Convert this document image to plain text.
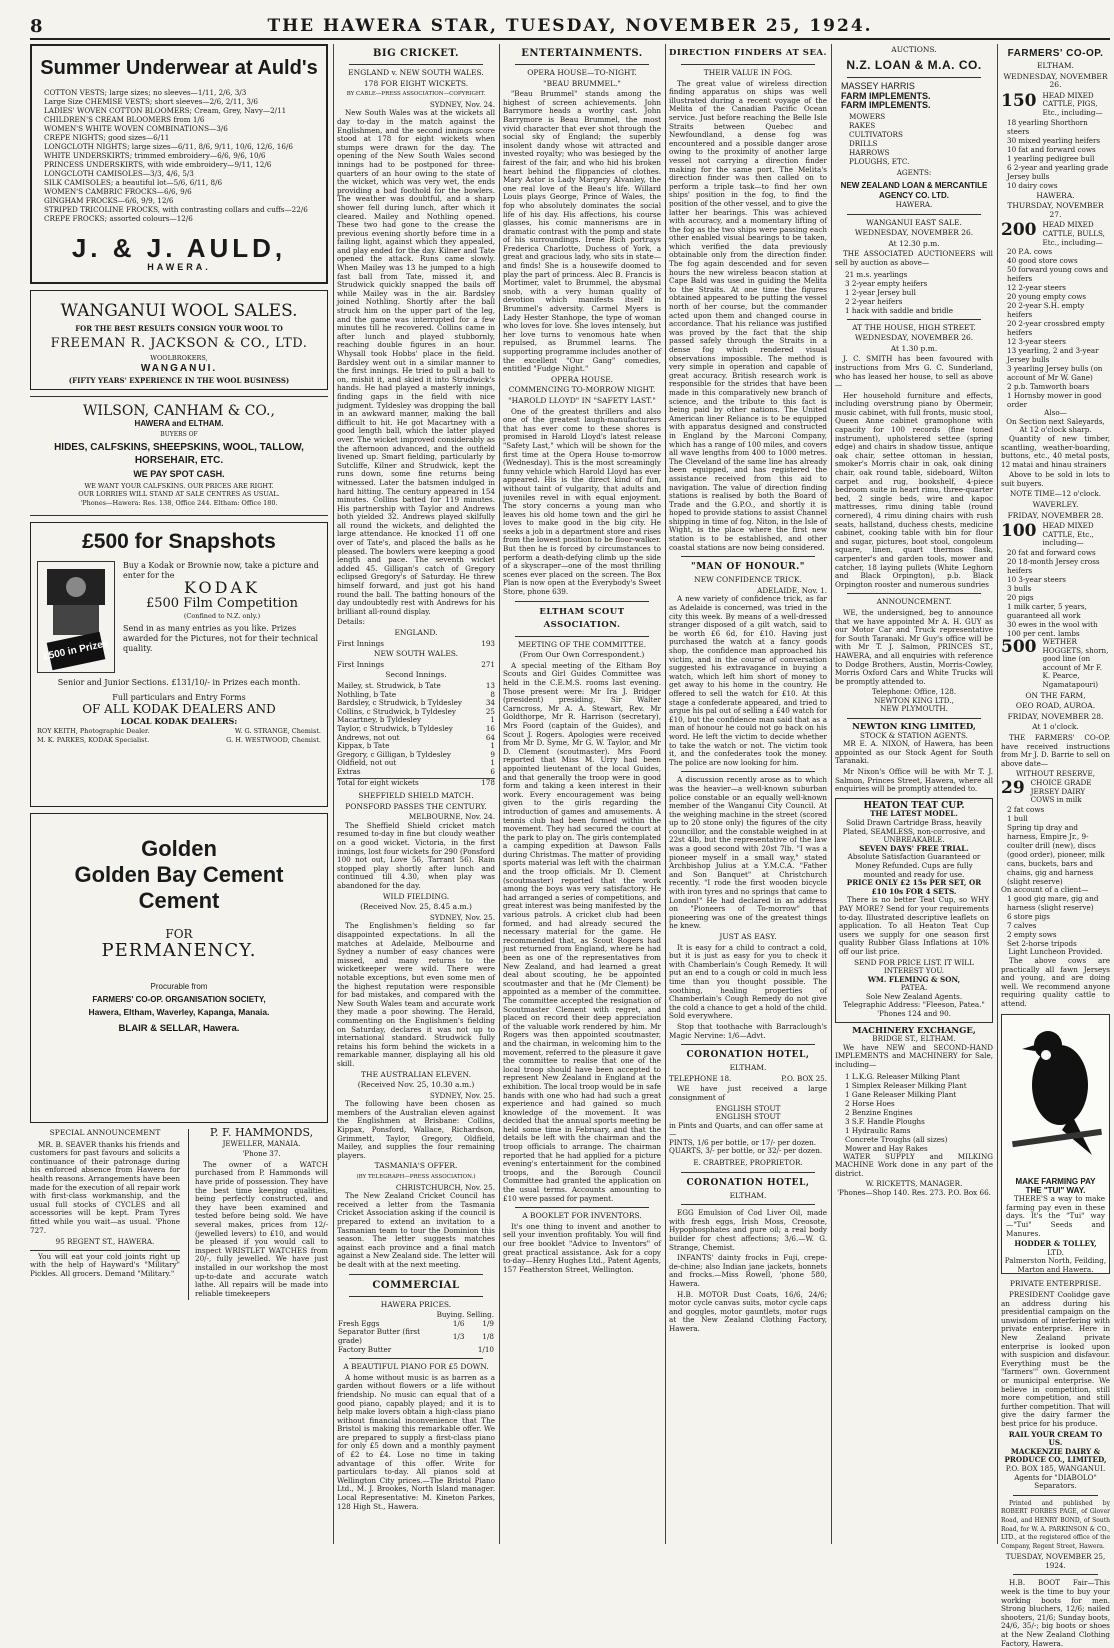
8	THE HAWERA STAR, TUESDAY, NOVEMBER 25, 1924.
Summer Underwear at Auld's
COTTON VESTS; large sizes; no sleeves—1/11, 2/6, 3/3
Large Size CHEMISE VESTS; short sleeves—2/6, 2/11, 3/6
LADIES' WOVEN COTTON BLOOMERS; Cream, Grey, Navy—2/11
CHILDREN'S CREAM BLOOMERS from 1/6
WOMEN'S WHITE WOVEN COMBINATIONS—3/6
CREPE NIGHTS; good sizes—6/11
LONGCLOTH NIGHTS; large sizes—6/11, 8/6, 9/11, 10/6, 12/6, 16/6
WHITE UNDERSKIRTS; trimmed embroidery—6/6, 9/6, 10/6
PRINCESS UNDERSKIRTS, with wide embroidery—9/11, 12/6
LONGCLOTH CAMISOLES—3/3, 4/6, 5/3
SILK CAMISOLES; a beautiful lot—5/6, 6/11, 8/6
WOMEN'S CAMBRIC FROCKS—6/6, 9/6
GINGHAM FROCKS—6/6, 9/9, 12/6
STRIPED TRICOLINE FROCKS, with contrasting collars and cuffs—22/6
CREPE FROCKS; assorted colours—12/6
J. & J. AULD,
HAWERA.
WANGANUI WOOL SALES.
FOR THE BEST RESULTS CONSIGN YOUR WOOL TO
FREEMAN R. JACKSON & CO., LTD.
WOOLBROKERS,
WANGANUI.
(FIFTY YEARS' EXPERIENCE IN THE WOOL BUSINESS)
WILSON, CANHAM & CO.,
HAWERA and ELTHAM.
BUYERS OF
HIDES, CALFSKINS, SHEEPSKINS, WOOL, TALLOW, HORSEHAIR, ETC.
WE PAY SPOT CASH.
WE WANT YOUR CALFSKINS. OUR PRICES ARE RIGHT.
OUR LORRIES WILL STAND AT SALE CENTRES AS USUAL.
'Phones—Hawera: Res. 138, Office 244. Eltham: Office 180.
£500 for Snapshots
£500 in Prizes
Buy a Kodak or Brownie now, take a picture and enter for the
KODAK
£500 Film Competition
(Confined to N.Z. only.)
Send in as many entries as you like. Prizes awarded for the Pictures, not for their technical quality.
Senior and Junior Sections. £131/10/- in Prizes each month.
Full particulars and Entry Forms
OF ALL KODAK DEALERS AND
LOCAL KODAK DEALERS:
ROY KEITH, Photographic Dealer.	W. G. STRANGE, Chemist.
M. K. PARKES, KODAK Specialist.	G. H. WESTWOOD, Chemist.
Golden
Golden Bay Cement
Cement
FOR
PERMANENCY.
Procurable from
FARMERS' CO-OP. ORGANISATION SOCIETY,
Hawera, Eltham, Waverley, Kapanga, Manaia.
BLAIR & SELLAR, Hawera.
SPECIAL ANNOUNCEMENT
MR. B. SEAVER thanks his friends and customers for past favours and solicits a continuance of their patronage during his enforced absence from Hawera for health reasons. Arrangements have been made for the execution of all repair work with first-class workmanship, and the usual full stocks of CYCLES and all accessories will be kept. Pram Tyres fitted while you wait—as usual. 'Phone 727.
95 REGENT ST., HAWERA.
You will eat your cold joints right up with the help of Hayward's "Military" Pickles. All grocers. Demand "Military."
P. F. HAMMONDS,
JEWELLER, MANAIA.
'Phone 37.
The owner of a WATCH purchased from P. Hammonds will have pride of possession. They have the best time keeping qualities, being perfectly constructed, and they have been examined and tested before being sold. We have several makes, prices from 12/- (jewelled levers) to £10, and would be pleased if you would call to inspect WRISTLET WATCHES from 20/-, fully jewelled. We have just installed in our workshop the most up-to-date and accurate watch lathe. All repairs will be made into reliable timekeepers
BIG CRICKET.
ENGLAND v. NEW SOUTH WALES.
178 FOR EIGHT WICKETS.
BY CABLE—PRESS ASSOCIATION—COPYRIGHT.
SYDNEY, Nov. 24.
New South Wales was at the wickets all day to-day in the match against the Englishmen, and the second innings score stood at 178 for eight wickets when stumps were drawn for the day. The opening of the New South Wales second innings had to be postponed for three-quarters of an hour owing to the state of the wicket, which was very wet, the ends providing a bad foothold for the bowlers. The weather was doubtful, and a sharp shower fell during lunch, after which it cleared. Mailey and Nothling opened. These two had gone to the crease the previous evening shortly before time in a failing light, against which they appealed, and play ended for the day. Kilner and Tate opened the attack. Runs came slowly. When Mailey was 13 he jumped to a high fast ball from Tate, missed it, and Strudwick quickly snapped the bails off while Mailey was in the air. Bardsley joined Nothling. Shortly after the ball struck him on the upper part of the leg, and the game was interrupted for a few minutes till he recovered. Collins came in after lunch and played stubbornly, reaching double figures in an hour. Whysall took Hobbs' place in the field. Bardsley went out in a similar manner to the first innings. He tried to pull a ball to on, mishit it, and skied it into Strudwick's hands. He had played a masterly innings, finding gaps in the field with nice judgment. Tyldesley was dropping the ball in an awkward manner, making the ball difficult to hit. He got Macartney with a good length ball, which the latter played over. The wicket improved considerably as the afternoon advanced, and the outfield livened up. Smart fielding, particularly by Sutcliffe, Kilner and Strudwick, kept the runs down, some fine returns being witnessed. Later the batsmen indulged in hard hitting. The century appeared in 154 minutes. Collins batted for 119 minutes. His partnership with Taylor and Andrews both yielded 32. Andrews played skilfully all round the wickets, and delighted the large attendance. He knocked 11 off one over of Tate's, and placed the balls as he pleased. The bowlers were keeping a good length and pace. The seventh wicket added 45. Gilligan's catch of Gregory eclipsed Gregory's of Saturday. He threw himself forward, and just got his hand round the ball. The batting honours of the day undoubtedly rest with Andrews for his brilliant all-round display.
Details:
ENGLAND.
First Innings	193
NEW SOUTH WALES.
First Innings	271
Second Innings.
Mailey, st. Strudwick, b Tate	13
Nothling, b Tate	8
Bardsley, c Strudwick, b Tyldesley	34
Collins, c Strudwick, b Tyldesley	25
Macartney, b Tyldesley	1
Taylor, c Strudwick, b Tyldesley	16
Andrews, not out	64
Kippax, b Tate	1
Gregory, c Gilligan, b Tyldesley	9
Oldfield, not out	1
Extras	6
Total for eight wickets	178
SHEFFIELD SHIELD MATCH.
PONSFORD PASSES THE CENTURY.
MELBOURNE, Nov. 24.
The Sheffield Shield cricket match resumed to-day in fine but cloudy weather on a good wicket. Victoria, in the first innings, lost four wickets for 290 (Ponsford 100 not out, Love 56, Tarrant 56). Rain stopped play shortly after lunch and continued till 4.30, when play was abandoned for the day.
WILD FIELDING.
(Received Nov. 25, 8.45 a.m.)
SYDNEY, Nov. 25.
The Englishmen's fielding so far disappointed expectations. In all the matches at Adelaide, Melbourne and Sydney a number of easy chances were missed, and many returns to the wicketkeeper were wild. There were notable exceptions, but even some men of the highest reputation were responsible for bad mistakes, and compared with the New South Wales team and accurate work they made a poor showing. The Herald, commenting on the Englishmen's fielding on Saturday, declares it was not up to international standard. Strudwick fully retains his form behind the wickets in a remarkable manner, displaying all his old skill.
THE AUSTRALIAN ELEVEN.
(Received Nov. 25, 10.30 a.m.)
SYDNEY, Nov. 25.
The following have been chosen as members of the Australian eleven against the Englishmen at Brisbane: Collins, Kippax, Ponsford, Wallace, Richardson, Grimmett, Taylor, Gregory, Oldfield, Mailey, and supplies the four remaining players.
TASMANIA'S OFFER.
(BY TELEGRAPH—PRESS ASSOCIATION.)
CHRISTCHURCH, Nov. 25.
The New Zealand Cricket Council has received a letter from the Tasmania Cricket Association asking if the council is prepared to extend an invitation to a Tasmanian team to tour the Dominion this season. The letter suggests matches against each province and a final match against a New Zealand side. The letter will be dealt with at the next meeting.
COMMERCIAL
HAWERA PRICES.
	Buying.	Selling.
Fresh Eggs	1/6	1/9
Separator Butter (first grade)	1/3	1/8
Factory Butter		1/10
A BEAUTIFUL PIANO FOR £5 DOWN.
A home without music is as barren as a garden without flowers or a life without friendship. No music can equal that of a good piano, capably played; and it is to help make lovers obtain a high-class piano without financial inconvenience that The Bristol is making this remarkable offer. We are prepared to supply a first-class piano for only £5 down and a monthly payment of £2 to £4. Lose no time in taking advantage of this offer. Write for particulars to-day. All pianos sold at Wellington City prices.—The Bristol Piano Ltd., M. J. Brookes, North Island manager. Local Representative: M. Kineton Parkes, 128 High St., Hawera.
ENTERTAINMENTS.
OPERA HOUSE—TO-NIGHT.
"BEAU BRUMMEL."
"Beau Brummel" stands among the highest of screen achievements. John Barrymore heads a worthy cast. John Barrymore is Beau Brummel, the most vivid character that ever shot through the social sky of England; the superbly insolent dandy whose wit attracted and invested royalty; who was besieged by the fairest of the fair, and who hid his broken heart behind the flippancies of clothes. Mary Astor is Lady Margery Alvanley, the one real love of the Beau's life. Willard Louis plays George, Prince of Wales, the fop who absolutely dominates the social life of his day. His affections, his course glasses, his comic mannerisms are in dramatic contrast with the pomp and state of his surroundings. Irene Rich portrays Frederica Charlotte, Duchess of York, a great and gracious lady, who sits in state—and finds! She is a housewife doomed to play the part of princess. Alec B. Francis is Mortimer, valet to Brummel, the abysmal snob, with a very human quality of devotion which manifests itself in Brummel's adversity. Carmel Myers is Lady Hester Stanhope, the type of woman who loves for love. She loves intensely, but her love turns to venomous hate when repulsed, as Brummel learns. The supporting programme includes another of the excellent "Our Gang" comedies, entitled "Fudge Night."
OPERA HOUSE.
COMMENCING TO-MORROW NIGHT.
"HAROLD LLOYD" IN "SAFETY LAST."
One of the greatest thrillers and also one of the greatest laugh-manufacturers that has ever come to these shores is promised in Harold Lloyd's latest release "Safety Last," which will be shown for the first time at the Opera House to-morrow (Wednesday). This is the most screamingly funny vehicle which Harold Lloyd has ever appeared. His is the direct kind of fun, without taint of vulgarity, that adults and juveniles revel in with equal enjoyment. The story concerns a young man who leaves his old home town and the girl he loves to make good in the big city. He seeks a job in a department store and rises from the lowest position to be floor-walker. But then he is forced by circumstances to perform a death-defying climb up the side of a skyscraper—one of the most thrilling scenes ever placed on the screen. The Box Plan is now open at the Everybody's Sweet Store, phone 639.
ELTHAM SCOUT ASSOCIATION.
MEETING OF THE COMMITTEE.
(From Our Own Correspondent.)
A special meeting of the Eltham Boy Scouts and Girl Guides Committee was held in the C.E.M.S. rooms last evening. Those present were: Mr Ira J. Bridger (president) presiding, Sir Walter Carncross, Mr A. A. Stewart, Rev. Mr Goldthorpe, Mr R. Harrison (secretary), Mrs Foord (captain of the Guides), and Scout J. Rogers. Apologies were received from Mr D. Syme, Mr G. W. Taylor, and Mr D. Clement (scoutmaster). Mrs Foord reported that Miss M. Urry had been appointed lieutenant of the local Guides, and that generally the troop were in good form and taking a keen interest in their work. Every encouragement was being given to the girls regarding the introduction of games and amusements. A tennis club had been formed within the movement. They had secured the court at the park to play on. The girls contemplated a camping expedition at Dawson Falls during Christmas. The matter of providing sports material was left with the chairman and the troop officials. Mr D. Clement (scoutmaster) reported that the work among the boys was very satisfactory. He had arranged a series of competitions, and great interest was being manifested by the various patrols. A cricket club had been formed, and had already secured the necessary material for the game. He recommended that, as Scout Rogers had just returned from England, where he had been as one of the representatives from New Zealand, and had learned a great deal about scouting, he be appointed scoutmaster and that he (Mr Clement) be appointed as a member of the committee. The committee accepted the resignation of Scoutmaster Clement with regret, and placed on record their deep appreciation of the valuable work rendered by him. Mr Rogers was then appointed scoutmaster, and the chairman, in welcoming him to the movement, referred to the pleasure it gave the committee to realise that one of the local troop should have been accepted to represent New Zealand in England at the exhibition. The local troop would be in safe hands with one who had had such a great experience and had gained so much knowledge of the movement. It was decided that the annual sports meeting be held some time in February, and that the details be left with the chairman and the troop officials to arrange. The chairman reported that he had applied for a picture evening's entertainment for the combined troops, and the Borough Council Committee had granted the application on the usual terms. Accounts amounting to £10 were passed for payment.
A BOOKLET FOR INVENTORS.
It's one thing to invent and another to sell your invention profitably. You will find our free booklet "Advice to Inventors" of great practical assistance. Ask for a copy to-day—Henry Hughes Ltd., Patent Agents, 157 Featherston Street, Wellington.
DIRECTION FINDERS AT SEA.
THEIR VALUE IN FOG.
The great value of wireless direction finding apparatus on ships was well illustrated during a recent voyage of the Melita of the Canadian Pacific Ocean service. Just before reaching the Belle Isle Straits between Quebec and Newfoundland, a dense fog was encountered and a possible danger arose owing to the proximity of another large vessel not carrying a direction finder making for the same port. The Melita's direction finder was then called on to perform a triple task—to find her own ships' position in the fog, to find the position of the other vessel, and to give the latter her bearings. This was achieved with accuracy, and a momentary lifting of the fog as the two ships were passing each other enabled visual bearings to be taken, which verified the data previously obtainable only from the direction finder. The fog again descended and for seven hours the new wireless beacon station at Cape Bald was used in guiding the Melita to the Straits. At one time the figures obtained appeared to be putting the vessel north of her course, but the commander acted upon them and changed course in accordance. That his reliance was justified was proved by the fact that the ship passed safely through the Straits in a dense fog which rendered visual observations impossible. The method is very simple in operation and capable of great accuracy. British research work is responsible for the strides that have been made in this comparatively new branch of science, and the tribute to this fact is being paid by other nations. The United American liner Reliance is to be equipped with apparatus designed and constructed in England by the Marconi Company, which has a range of 100 miles, and covers all wave lengths from 400 to 1000 metres. The Cleveland of the same line has already been equipped, and has registered the assistance received from this aid to navigation. The value of direction finding stations is realised by both the Board of Trade and the G.P.O., and shortly it is hoped to provide stations to assist Channel shipping in time of fog. Niton, in the Isle of Wight, is the place where the first new station is to be established, and other coastal stations are now being considered.
"MAN OF HONOUR."
NEW CONFIDENCE TRICK.
ADELAIDE, Nov. 1.
A new variety of confidence trick, as far as Adelaide is concerned, was tried in the city this week. By means of a well-dressed stranger disposed of a gilt watch, said to be worth £6 6d, for £10. Having just purchased the watch at a fancy goods shop, the confidence man approached his victim, and in the course of conversation suggested his extravagance in buying a watch, which left him short of money to get away to his home in the country. He offered to sell the watch for £10. At this stage a confederate appeared, and tried to argue his pal out of selling a £40 watch for £10, but the confidence man said that as a man of honour he could not go back on his word. He left the victim to decide whether to take the watch or not. The victim took it, and the confederates took the money. The police are now looking for him.
A discussion recently arose as to which was the heavier—a well-known suburban police constable or an equally well-known member of the Wanganui City Council. At the weighing machine in the street (scored up to 20 stone only) the figures of the city councillor, and the constable weighed in at 22st 4lb, but the representative of the law was a good second with 20st 7lb. "I was a pioneer myself in a small way," stated Archbishop Julius at a Y.M.C.A. "Father and Son Banquet" at Christchurch recently. "I rode the first wooden bicycle with iron tyres and no springs that came to London!" He had declared in an address on "Pioneers of To-morrow" that pioneering was one of the greatest things he knew.
JUST AS EASY.
It is easy for a child to contract a cold, but it is just as easy for you to check it with Chamberlain's Cough Remedy. It will put an end to a cough or cold in much less time than you thought possible. The soothing, healing properties of Chamberlain's Cough Remedy do not give the cold a chance to get a hold of the child. Sold everywhere.
Stop that toothache with Barraclough's Magic Nervine: 1/6—Advt.
CORONATION HOTEL,
ELTHAM.
TELEPHONE 18.	P.O. BOX 25.
WE have just received a large consignment of
ENGLISH STOUT
ENGLISH STOUT
in Pints and Quarts, and can offer same at—
PINTS, 1/6 per bottle, or 17/- per dozen.
QUARTS, 3/- per bottle, or 32/- per dozen.
E. CRABTREE, PROPRIETOR.
CORONATION HOTEL,
ELTHAM.
EGG Emulsion of Cod Liver Oil, made with fresh eggs, Irish Moss, Creosote, Hypophosphates and pure oil; a real body builder for chest affections; 3/6.—W. G. Strange, Chemist.
INFANTS' dainty frocks in Fuji, crepe-de-chine; also Indian jane jackets, bonnets and frocks.—Miss Rowell, 'phone 580, Hawera.
H.B. MOTOR Dust Coats, 16/6, 24/6; motor cycle canvas suits, motor cycle caps and goggles, motor gauntlets, motor rugs at the New Zealand Clothing Factory, Hawera.
AUCTIONS.
N.Z. LOAN & M.A. CO.
MASSEY HARRIS
FARM IMPLEMENTS.
FARM IMPLEMENTS.
MOWERS
RAKES
CULTIVATORS
DRILLS
HARROWS
PLOUGHS, ETC.
AGENTS:
NEW ZEALAND LOAN & MERCANTILE AGENCY CO. LTD.
HAWERA.
WANGANUI EAST SALE.
WEDNESDAY, NOVEMBER 26.
At 12.30 p.m.
THE ASSOCIATED AUCTIONEERS will sell by auction as above—
21 m.s. yearlings
3 2-year empty heifers
1 2-year Jersey bull
2 2-year heifers
1 hack with saddle and bridle
AT THE HOUSE, HIGH STREET.
WEDNESDAY, NOVEMBER 26.
At 1.30 p.m.
J. C. SMITH has been favoured with instructions from Mrs G. C. Sunderland, who has leased her house, to sell as above—
Her household furniture and effects, including overstrung piano by Obermeir, music cabinet, with full fronts, music stool, Queen Anne cabinet gramophone with capacity for 100 records (fine toned instrument), upholstered settee (spring edge) and chairs in shadow tissue, antique oak chair, settee ottoman in hessian, smoker's Morris chair in oak, oak dining chair, oak round table, sideboard, Wilton carpet and rug, bookshelf, 4-piece bedroom suite in heart rimu, three-quarter bed, 2 single beds, wire and kapoc mattresses, rimu dining table (round cornered), 4 rimu dining chairs with rush seats, hallstand, duchess chests, medicine cabinet, cooking table with bin for flour and sugar, pictures, boot stool, congoleum square, linen, quart thermos flask, carpenter's and garden tools, mower and catcher, 18 laying pullets (White Leghorn and Black Orpington), p.b. Black Orpington rooster and numerous sundries
ANNOUNCEMENT.
WE, the undersigned, beg to announce that we have appointed Mr A. H. GUY as our Motor Car and Truck representative for South Taranaki. Mr Guy's office will be with Mr T. J. Salmon, PRINCES ST., HAWERA, and all enquiries with reference to Dodge Brothers, Austin, Morris-Cowley, Morris Oxford Cars and White Trucks will be promptly attended to.
Telephone: Office, 128.
NEWTON KING LTD.,
NEW PLYMOUTH.
NEWTON KING LIMITED,
STOCK & STATION AGENTS.
MR E. A. NIXON, of Hawera, has been appointed as our Stock Agent for South Taranaki.
Mr Nixon's Office will be with Mr T. J. Salmon, Princes Street, Hawera, where all enquiries will be promptly attended to.
HEATON TEAT CUP.
THE LATEST MODEL.
Solid Drawn Cartridge Brass, heavily Plated, SEAMLESS, non-corrosive, and UNBREAKABLE.
SEVEN DAYS' FREE TRIAL.
Absolute Satisfaction Guaranteed or Money Refunded. Cups are fully mounted and ready for use.
PRICE ONLY £2 15s PER SET, OR £10 10s FOR 4 SETS.
There is no better Teat Cup, so WHY PAY MORE? Send for your requirements to-day. Illustrated descriptive leaflets on application. To all Heaton Teat Cup users we supply for one season first quality Rubber Glass Inflations at 10% off our list price.
SEND FOR PRICE LIST. IT WILL INTEREST YOU.
WM. FLEMING & SON,
PATEA.
Sole New Zealand Agents.
Telegraphic Address: "Fleeson, Patea." 'Phones 124 and 90.
MACHINERY EXCHANGE,
BRIDGE ST., ELTHAM.
We have NEW and SECOND-HAND IMPLEMENTS and MACHINERY for Sale, including—
1 L.K.G. Releaser Milking Plant
1 Simplex Releaser Milking Plant
1 Gane Releaser Milking Plant
2 Horse Hoes
2 Benzine Engines
3 S.F. Handle Ploughs
1 Hydraulic Rams
Concrete Troughs (all sizes)
Mower and Hay Rakes
WATER SUPPLY and MILKING MACHINE Work done in any part of the district.
W. RICKETTS, MANAGER.
'Phones—Shop 140. Res. 273. P.O. Box 66.
FARMERS' CO-OP.
ELTHAM.
WEDNESDAY, NOVEMBER 26.
150 HEAD MIXED CATTLE, PIGS, Etc., including—
18 yearling Shorthorn steers
30 mixed yearling heifers
10 fat and forward cows
1 yearling pedigree bull
6 2-year and yearling grade Jersey bulls
10 dairy cows
HAWERA.
THURSDAY, NOVEMBER 27.
200 HEAD MIXED CATTLE, BULLS, Etc., including—
20 P.A. cows
40 good store cows
50 forward young cows and heifers
12 2-year steers
20 young empty cows
20 2-year S.H. empty heifers
20 2-year crossbred empty heifers
12 3-year steers
13 yearling, 2 and 3-year Jersey bulls
3 yearling Jersey bulls (on account of Mr W. Gane)
2 p.b. Tamworth boars
1 Hornsby mower in good order
Also—
On Section next Saleyards,
At 12 o'clock sharp.
Quantity of new timber, scantling, weather-boarding, buttons, etc., 40 metal posts, 12 matai and hinau strainers
Above to be sold in lots to suit buyers.
NOTE TIME—12 o'clock.
WAVERLEY.
FRIDAY, NOVEMBER 28.
100 HEAD MIXED CATTLE, Etc., including—
20 fat and forward cows
20 18-month Jersey cross heifers
10 3-year steers
3 bulls
20 pigs
1 milk carter, 5 years, guaranteed all work
30 ewes in the wool with 100 per cent. lambs
500 WETHER HOGGETS, shorn, good line (on account of Mr F. K. Pearce, Ngamatapouri)
ON THE FARM,
OEO ROAD, AUROA.
FRIDAY, NOVEMBER 28.
At 1 o'clock.
THE FARMERS' CO-OP. have received instructions from Mr J. D. Barrie to sell on above date—
WITHOUT RESERVE,
29 CHOICE GRADE JERSEY DAIRY COWS in milk
2 fat cows
1 bull
Spring tip dray and harness, Empire Jr., 9-coulter drill (new), discs (good order), pioneer, milk cans, buckets, bars and chains, gig and harness (slight reserve)
On account of a client—
1 good gig mare, gig and harness (slight reserve)
6 store pigs
7 calves
2 empty sows
Set 2-horse tripods
Light Luncheon Provided.
The above cows are practically all fawn Jerseys and young, and are doing well. We recommend anyone requiring quality cattle to attend.
MAKE FARMING PAY
THE "TUI" WAY.
THERE'S a way to make farming pay even in these days. It's the "Tui" way—"Tui" Seeds and Manures.
HODDER & TOLLEY,
LTD.
Palmerston North, Feilding, Marton and Hawera.
PRIVATE ENTERPRISE.
PRESIDENT Coolidge gave an address during his presidential campaign on the unwisdom of interfering with private enterprise. Here in New Zealand private enterprise is looked upon with suspicion and disfavour. Everything must be the "farmers'" own. Government or municipal enterprise. We believe in competition, still more competition, and still further competition. That will give the dairy farmer the best price for his produce.
RAIL YOUR CREAM TO US.
MACKENZIE DAIRY & PRODUCE CO., LIMITED,
P.O. BOX 185, WANGANUI.
Agents for "DIABOLO" Separators.
Printed and published by ROBERT FORBES PAGE, of Glover Road, and HENRY BOND, of South Road, for W. A. PARKINSON & CO., LTD., at the registered office of the Company, Regent Street, Hawera.
TUESDAY, NOVEMBER 25, 1924.
H.B. BOOT Fair—This week is the time to buy your working boots for men. Strong bluchers, 12/6; nailed shooters, 21/6; Sunday boots, 24/6, 35/-; big boots or shoes at the New Zealand Clothing Factory, Hawera.
